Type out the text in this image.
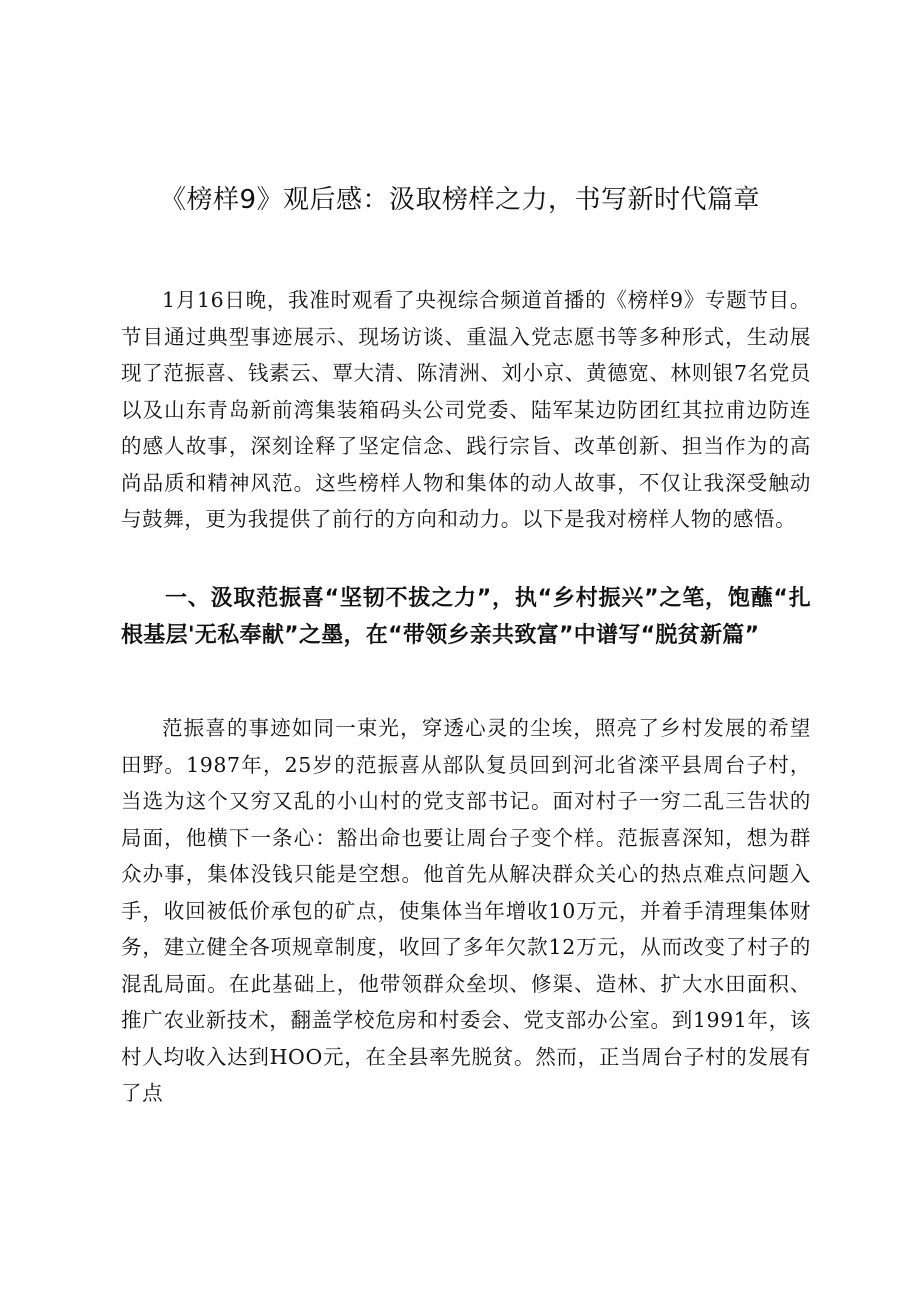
《榜样9》观后感：汲取榜样之力，书写新时代篇章

1月16日晚，我准时观看了央视综合频道首播的《榜样9》专题节目。节目通过典型事迹展示、现场访谈、重温入党志愿书等多种形式，生动展现了范振喜、钱素云、覃大清、陈清洲、刘小京、黄德宽、林则银7名党员以及山东青岛新前湾集装箱码头公司党委、陆军某边防团红其拉甫边防连的感人故事，深刻诠释了坚定信念、践行宗旨、改革创新、担当作为的高尚品质和精神风范。这些榜样人物和集体的动人故事，不仅让我深受触动与鼓舞，更为我提供了前行的方向和动力。以下是我对榜样人物的感悟。

一、汲取范振喜“坚韧不拔之力”，执“乡村振兴”之笔，饱蘸“扎根基层'无私奉献”之墨，在“带领乡亲共致富”中谱写“脱贫新篇”

范振喜的事迹如同一束光，穿透心灵的尘埃，照亮了乡村发展的希望田野。1987年，25岁的范振喜从部队复员回到河北省滦平县周台子村，当选为这个又穷又乱的小山村的党支部书记。面对村子一穷二乱三告状的局面，他横下一条心：豁出命也要让周台子变个样。范振喜深知，想为群众办事，集体没钱只能是空想。他首先从解决群众关心的热点难点问题入手，收回被低价承包的矿点，使集体当年增收10万元，并着手清理集体财务，建立健全各项规章制度，收回了多年欠款12万元，从而改变了村子的混乱局面。在此基础上，他带领群众垒坝、修渠、造林、扩大水田面积、推广农业新技术，翻盖学校危房和村委会、党支部办公室。到1991年，该村人均收入达到HOO元，在全县率先脱贫。然而，正当周台子村的发展有了点
